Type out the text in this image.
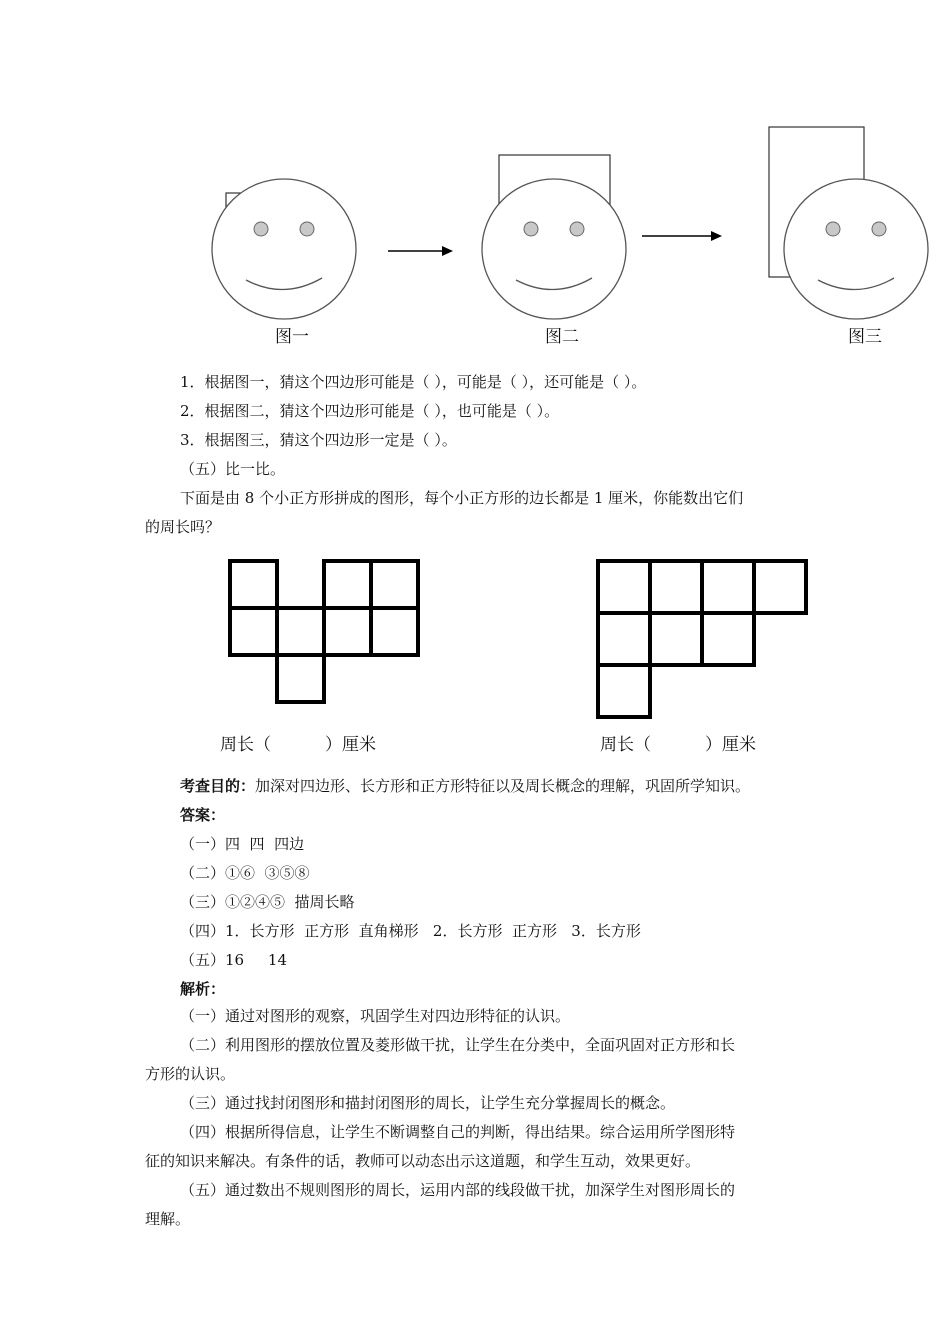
图一	图二	图三
1．根据图一，猜这个四边形可能是（ ），可能是（ ），还可能是（ ）。
2．根据图二，猜这个四边形可能是（ ），也可能是（ ）。
3．根据图三，猜这个四边形一定是（ ）。
（五）比一比。
下面是由 8 个小正方形拼成的图形，每个小正方形的边长都是 1 厘米，你能数出它们
的周长吗？
周长（          ）厘米	周长（          ）厘米
考查目的：加深对四边形、长方形和正方形特征以及周长概念的理解，巩固所学知识。
答案：
（一）四  四  四边
（二）①⑥  ③⑤⑧
（三）①②④⑤  描周长略
（四）1．长方形  正方形  直角梯形   2．长方形  正方形   3．长方形
（五）16     14
解析：
（一）通过对图形的观察，巩固学生对四边形特征的认识。
（二）利用图形的摆放位置及菱形做干扰，让学生在分类中，全面巩固对正方形和长
方形的认识。
（三）通过找封闭图形和描封闭图形的周长，让学生充分掌握周长的概念。
（四）根据所得信息，让学生不断调整自己的判断，得出结果。综合运用所学图形特
征的知识来解决。有条件的话，教师可以动态出示这道题，和学生互动，效果更好。
（五）通过数出不规则图形的周长，运用内部的线段做干扰，加深学生对图形周长的
理解。
